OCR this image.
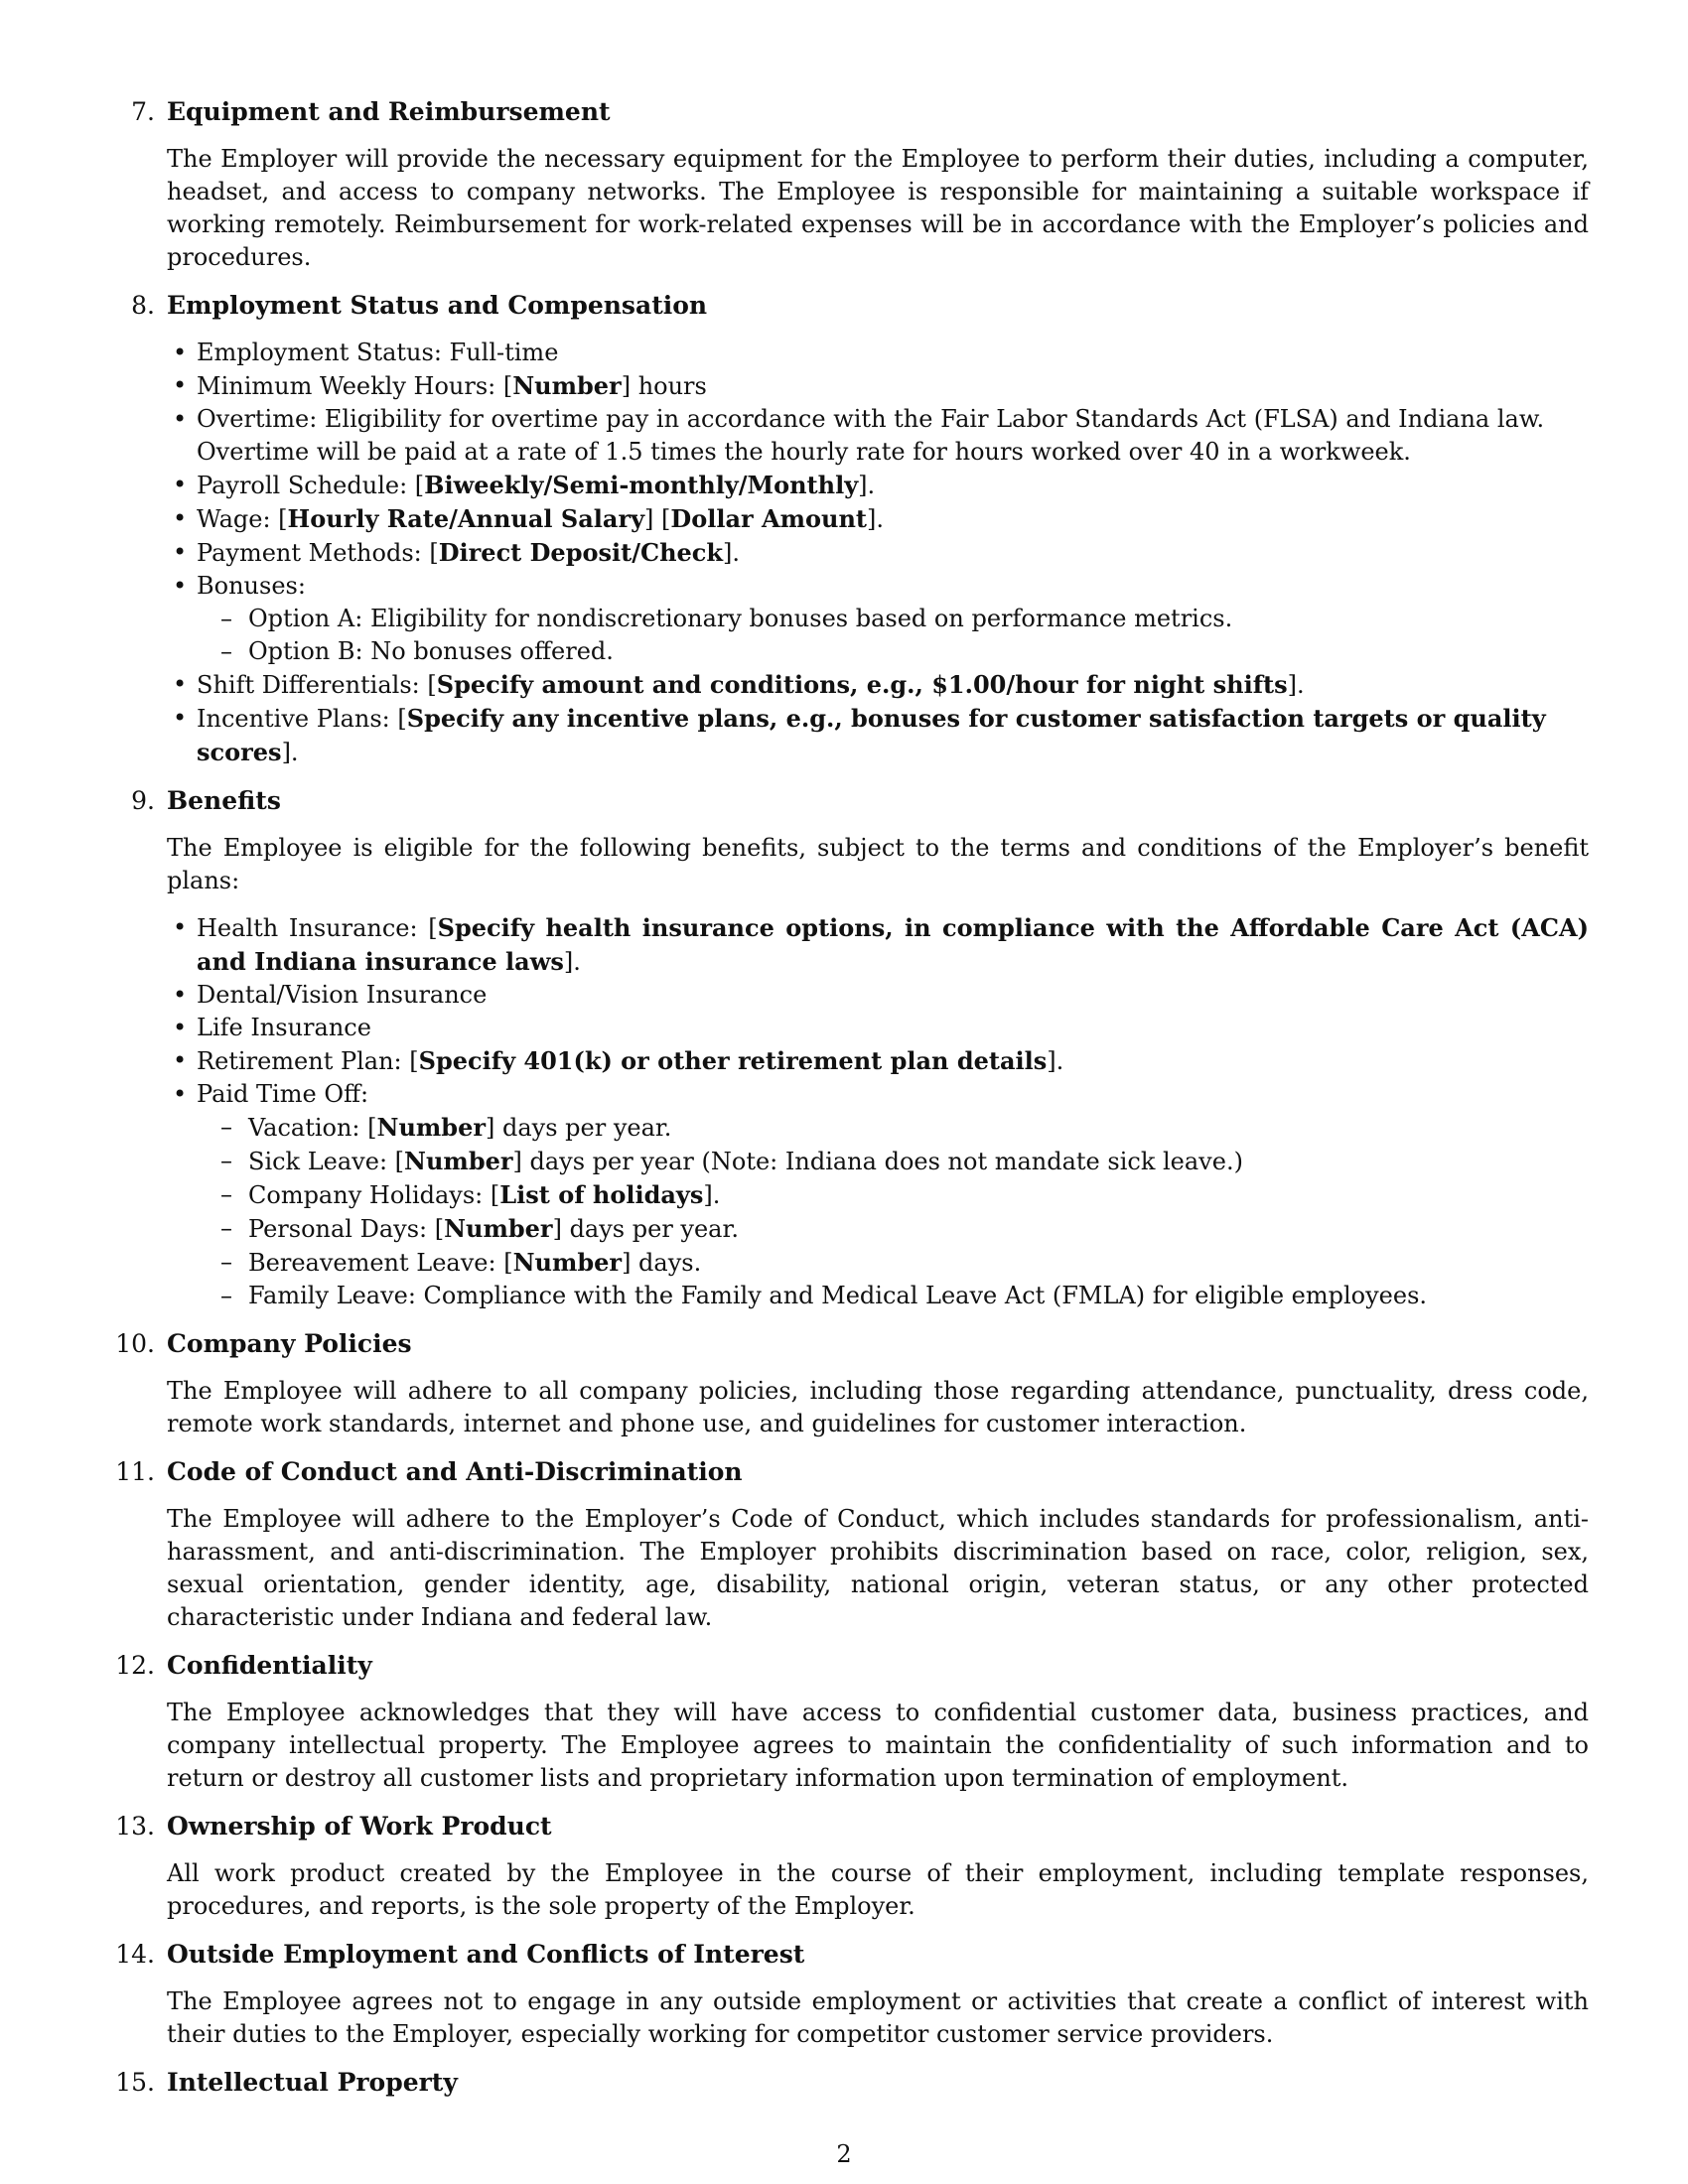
7. Equipment and Reimbursement

The Employer will provide the necessary equipment for the Employee to perform their duties, including a computer, headset, and access to company networks. The Employee is responsible for maintaining a suitable workspace if working remotely. Reimbursement for work-related expenses will be in accordance with the Employer’s policies and procedures.

8. Employment Status and Compensation

• Employment Status: Full-time
• Minimum Weekly Hours: [Number] hours
• Overtime: Eligibility for overtime pay in accordance with the Fair Labor Standards Act (FLSA) and Indiana law. Overtime will be paid at a rate of 1.5 times the hourly rate for hours worked over 40 in a workweek.
• Payroll Schedule: [Biweekly/Semi-monthly/Monthly].
• Wage: [Hourly Rate/Annual Salary] [Dollar Amount].
• Payment Methods: [Direct Deposit/Check].
• Bonuses:
– Option A: Eligibility for nondiscretionary bonuses based on performance metrics.
– Option B: No bonuses offered.
• Shift Differentials: [Specify amount and conditions, e.g., $1.00/hour for night shifts].
• Incentive Plans: [Specify any incentive plans, e.g., bonuses for customer satisfaction targets or quality scores].
9. Benefits

The Employee is eligible for the following benefits, subject to the terms and conditions of the Employer’s benefit plans:

• Health Insurance: [Specify health insurance options, in compliance with the Affordable Care Act (ACA) and Indiana insurance laws].
• Dental/Vision Insurance
• Life Insurance
• Retirement Plan: [Specify 401(k) or other retirement plan details].
• Paid Time Off:
– Vacation: [Number] days per year.
– Sick Leave: [Number] days per year (Note: Indiana does not mandate sick leave.)
– Company Holidays: [List of holidays].
– Personal Days: [Number] days per year.
– Bereavement Leave: [Number] days.
– Family Leave: Compliance with the Family and Medical Leave Act (FMLA) for eligible employees.
10. Company Policies

The Employee will adhere to all company policies, including those regarding attendance, punctuality, dress code, remote work standards, internet and phone use, and guidelines for customer interaction.

11. Code of Conduct and Anti-Discrimination

The Employee will adhere to the Employer’s Code of Conduct, which includes standards for professionalism, anti-harassment, and anti-discrimination. The Employer prohibits discrimination based on race, color, religion, sex, sexual orientation, gender identity, age, disability, national origin, veteran status, or any other protected characteristic under Indiana and federal law.

12. Confidentiality

The Employee acknowledges that they will have access to confidential customer data, business practices, and company intellectual property. The Employee agrees to maintain the confidentiality of such information and to return or destroy all customer lists and proprietary information upon termination of employment.

13. Ownership of Work Product

All work product created by the Employee in the course of their employment, including template responses, procedures, and reports, is the sole property of the Employer.

14. Outside Employment and Conflicts of Interest

The Employee agrees not to engage in any outside employment or activities that create a conflict of interest with their duties to the Employer, especially working for competitor customer service providers.

15. Intellectual Property

2
